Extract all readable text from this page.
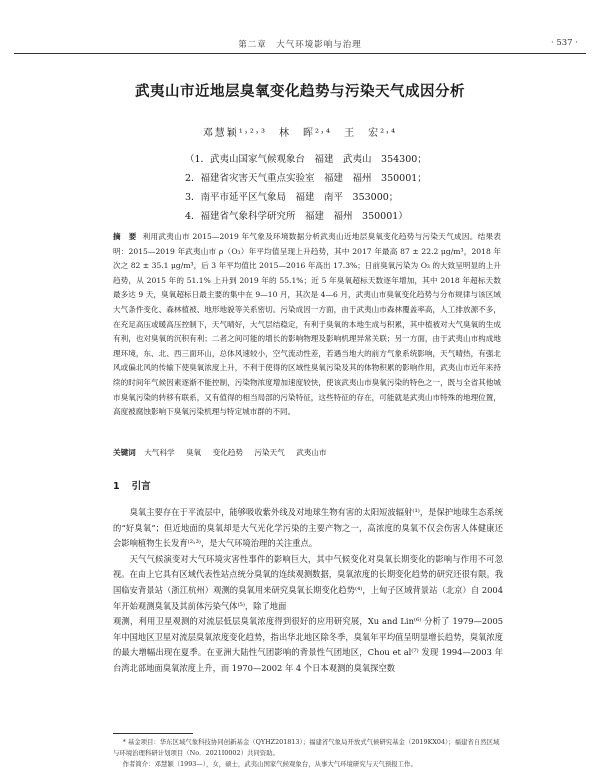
第二章　大气环境影响与治理	· 537 ·
武夷山市近地层臭氧变化趋势与污染天气成因分析
邓慧颖¹˒²˒³　林　晖²˒⁴　王　宏²˒⁴
（1．武夷山国家气候观象台　福建　武夷山　354300；
2．福建省灾害天气重点实验室　福建　福州　350001；
3．南平市延平区气象局　福建　南平　353000；
4．福建省气象科学研究所　福建　福州　350001）
摘　要 利用武夷山市 2015—2019 年气象及环境数据分析武夷山近地层臭氧变化趋势与污染天气成因。结果表明：2015—2019 年武夷山市 ρ（O₃）年平均值呈现上升趋势，其中 2017 年最高 87 ± 22.2 μg/m³，2018 年次之 82 ± 35.1 μg/m³，后 3 年平均值比 2015—2016 年高出 17.3%；日前臭氧污染为 O₃ 的大致呈明显的上升趋势，从 2015 年的 51.1% 上升到 2019 年的 55.1%；近 5 年臭氧超标天数逐年增加，其中 2018 年超标天数最多达 9 天，臭氧超标日最主要的集中在 9—10 月，其次是 4—6 月，武夷山市臭氧变化趋势与分布规律与该区域大气条件变化、森林植被、地形地貌等关系密切。污染成因一方面，由于武夷山市森林覆盖率高，人工排放源不多，在充足高压或暖高压控制下，天气晴好，大气层结稳定，有利于臭氧的本地生成与积累，其中植被对大气臭氧的生成有利，也对臭氧的沉积有利；二者之间可能的增长的影响物理及影响机理异常关联；另一方面，由于武夷山市构成地理环境，东、北、西三面环山，总体风速较小，空气流动性差，若遇当地大的前方气象系统影响，天气晴热，有强北风或偏北风的传输下使臭氧浓度上升，不利于使得的区域性臭氧污染及其的体物积累的影响作用，武夷山市近年来持续的时间年气候因素逐渐不能控制，污染物浓度增加速度较快，使该武夷山市臭氧污染的特色之一，既与全省其他城市臭氧污染的转移有联系，又有值得的相当局部的污染特征，这些特征的存在，可能就是武夷山市特殊的地理位置，高度被腐蚀影响下臭氧污染机理与特定城市群的不同。
关键词 大气科学 臭氧 变化趋势 污染天气 武夷山市
1 引言

臭氧主要存在于平流层中，能够吸收紫外线及对地球生物有害的太阳短波辐射⁽¹⁾，是保护地球生态系统的“好臭氧”；但近地面的臭氧却是大气光化学污染的主要产物之一，高浓度的臭氧不仅会伤害人体健康还会影响植物生长发育⁽²˒³⁾，是大气环境治理的关注重点。

天气气候演变对大气环境灾害性事件的影响巨大，其中气候变化对臭氧长期变化的影响与作用不可忽视。在由上它具有区域代表性站点统分臭氧的连续观测数据，臭氧浓度的长期变化趋势的研究还很有限。我国临安背景站（浙江杭州）观测的臭氧用来研究臭氧长期变化趋势⁽⁴⁾，上甸子区域背景站（北京）自 2004 年开始观测臭氧及其前体污染气体⁽⁵⁾，除了地面

观测，利用卫星观测的对流层低层臭氧浓度得到很好的应用研究展，Xu and Lin⁽⁶⁾ 分析了 1979—2005 年中国地区卫星对流层臭氧浓度变化趋势，指出华北地区除冬季，臭氧年平均值呈明显增长趋势，臭氧浓度的最大增幅出现在夏季。在亚洲大陆性气团影响的背景性气团地区，Chou et al⁽⁷⁾ 发现 1994—2003 年台湾北部地面臭氧浓度上升，而 1970—2002 年 4 个日本观测的臭氧探空数

* 基金项目：华东区域气象科技协同创新基金（QYHZ201813）；福建省气象局开放式气候研究基金（2019KX04）；福建省自然区域与环境治理科研计划项目（No．2021I0002）共同资助。

作者简介：邓慧颖（1993—），女，硕士，武夷山国家气候观象台，从事大气环境研究与天气预报工作。
